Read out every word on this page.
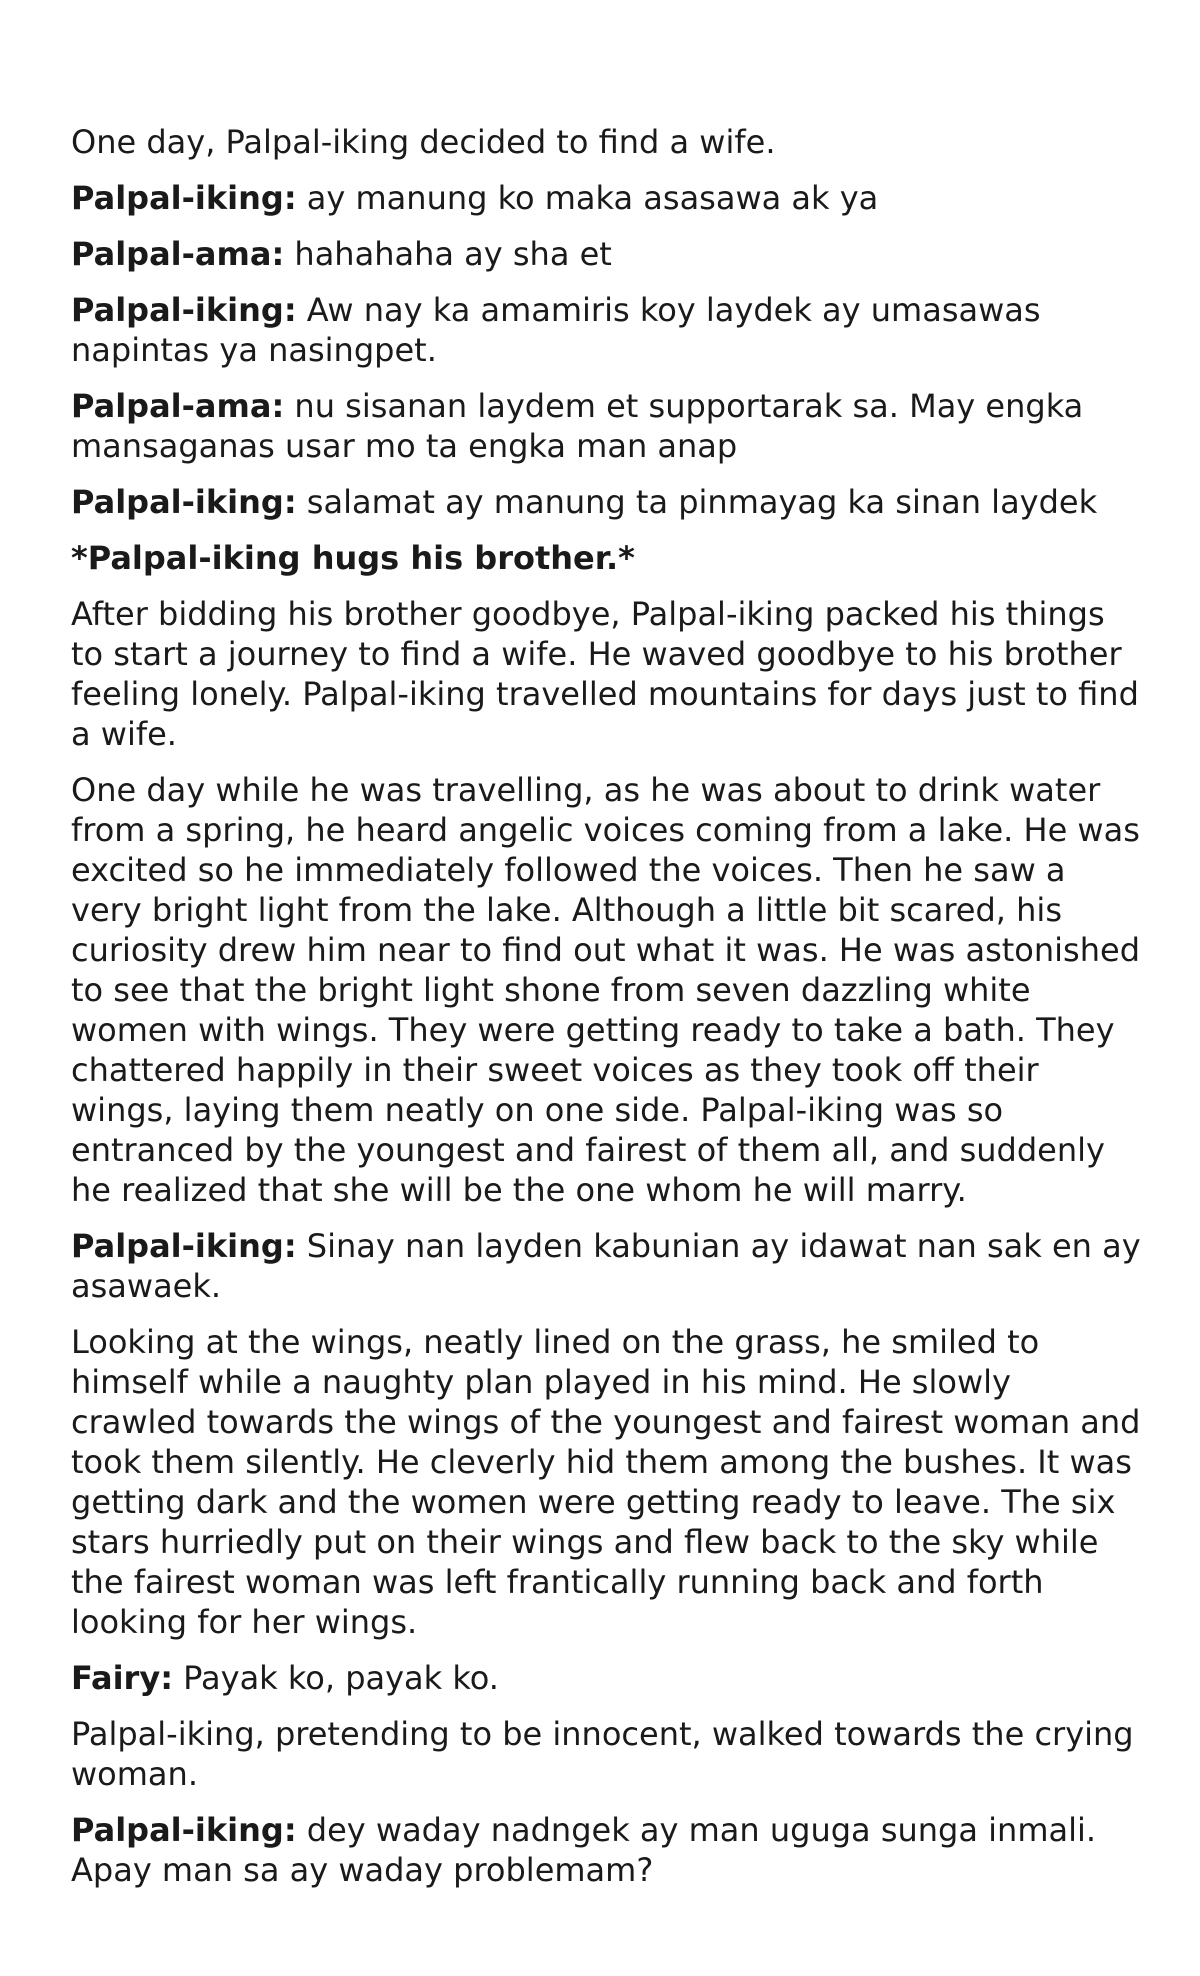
One day, Palpal-iking decided to find a wife.

Palpal-iking: ay manung ko maka asasawa ak ya

Palpal-ama: hahahaha ay sha et

Palpal-iking: Aw nay ka amamiris koy laydek ay umasawas napintas ya nasingpet.

Palpal-ama: nu sisanan laydem et supportarak sa. May engka mansaganas usar mo ta engka man anap

Palpal-iking: salamat ay manung ta pinmayag ka sinan laydek

*Palpal-iking hugs his brother.*

After bidding his brother goodbye, Palpal-iking packed his things to start a journey to find a wife. He waved goodbye to his brother feeling lonely. Palpal-iking travelled mountains for days just to find a wife.

One day while he was travelling, as he was about to drink water from a spring, he heard angelic voices coming from a lake. He was excited so he immediately followed the voices. Then he saw a very bright light from the lake. Although a little bit scared, his curiosity drew him near to find out what it was. He was astonished to see that the bright light shone from seven dazzling white women with wings. They were getting ready to take a bath. They chattered happily in their sweet voices as they took off their wings, laying them neatly on one side. Palpal-iking was so entranced by the youngest and fairest of them all, and suddenly he realized that she will be the one whom he will marry.

Palpal-iking: Sinay nan layden kabunian ay idawat nan sak en ay asawaek.

Looking at the wings, neatly lined on the grass, he smiled to himself while a naughty plan played in his mind. He slowly crawled towards the wings of the youngest and fairest woman and took them silently. He cleverly hid them among the bushes. It was getting dark and the women were getting ready to leave. The six stars hurriedly put on their wings and flew back to the sky while the fairest woman was left frantically running back and forth looking for her wings.

Fairy: Payak ko, payak ko.

Palpal-iking, pretending to be innocent, walked towards the crying woman.

Palpal-iking: dey waday nadngek ay man uguga sunga inmali. Apay man sa ay waday problemam?
